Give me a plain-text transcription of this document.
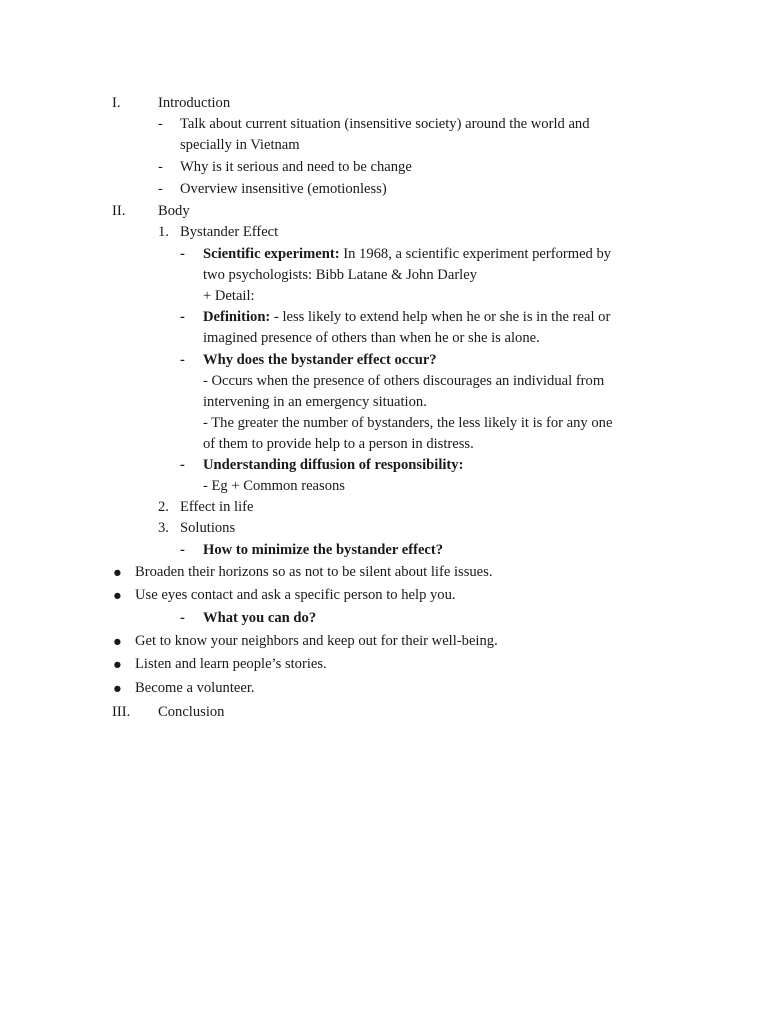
I.	Introduction
- Talk about current situation (insensitive society) around the world and
specially in Vietnam
- Why is it serious and need to be change
- Overview insensitive (emotionless)
II. Body
1. Bystander Effect
- Scientific experiment: In 1968, a scientific experiment performed by
two psychologists: Bibb Latane & John Darley
+ Detail:
- Definition: - less likely to extend help when he or she is in the real or
imagined presence of others than when he or she is alone.
- Why does the bystander effect occur?
- Occurs when the presence of others discourages an individual from
intervening in an emergency situation.
- The greater the number of bystanders, the less likely it is for any one
of them to provide help to a person in distress.
- Understanding diffusion of responsibility:
- Eg + Common reasons
2. Effect in life
3. Solutions
- How to minimize the bystander effect?
● Broaden their horizons so as not to be silent about life issues.
● Use eyes contact and ask a specific person to help you.
- What you can do?
● Get to know your neighbors and keep out for their well-being.
● Listen and learn people’s stories.
● Become a volunteer.
III. Conclusion
